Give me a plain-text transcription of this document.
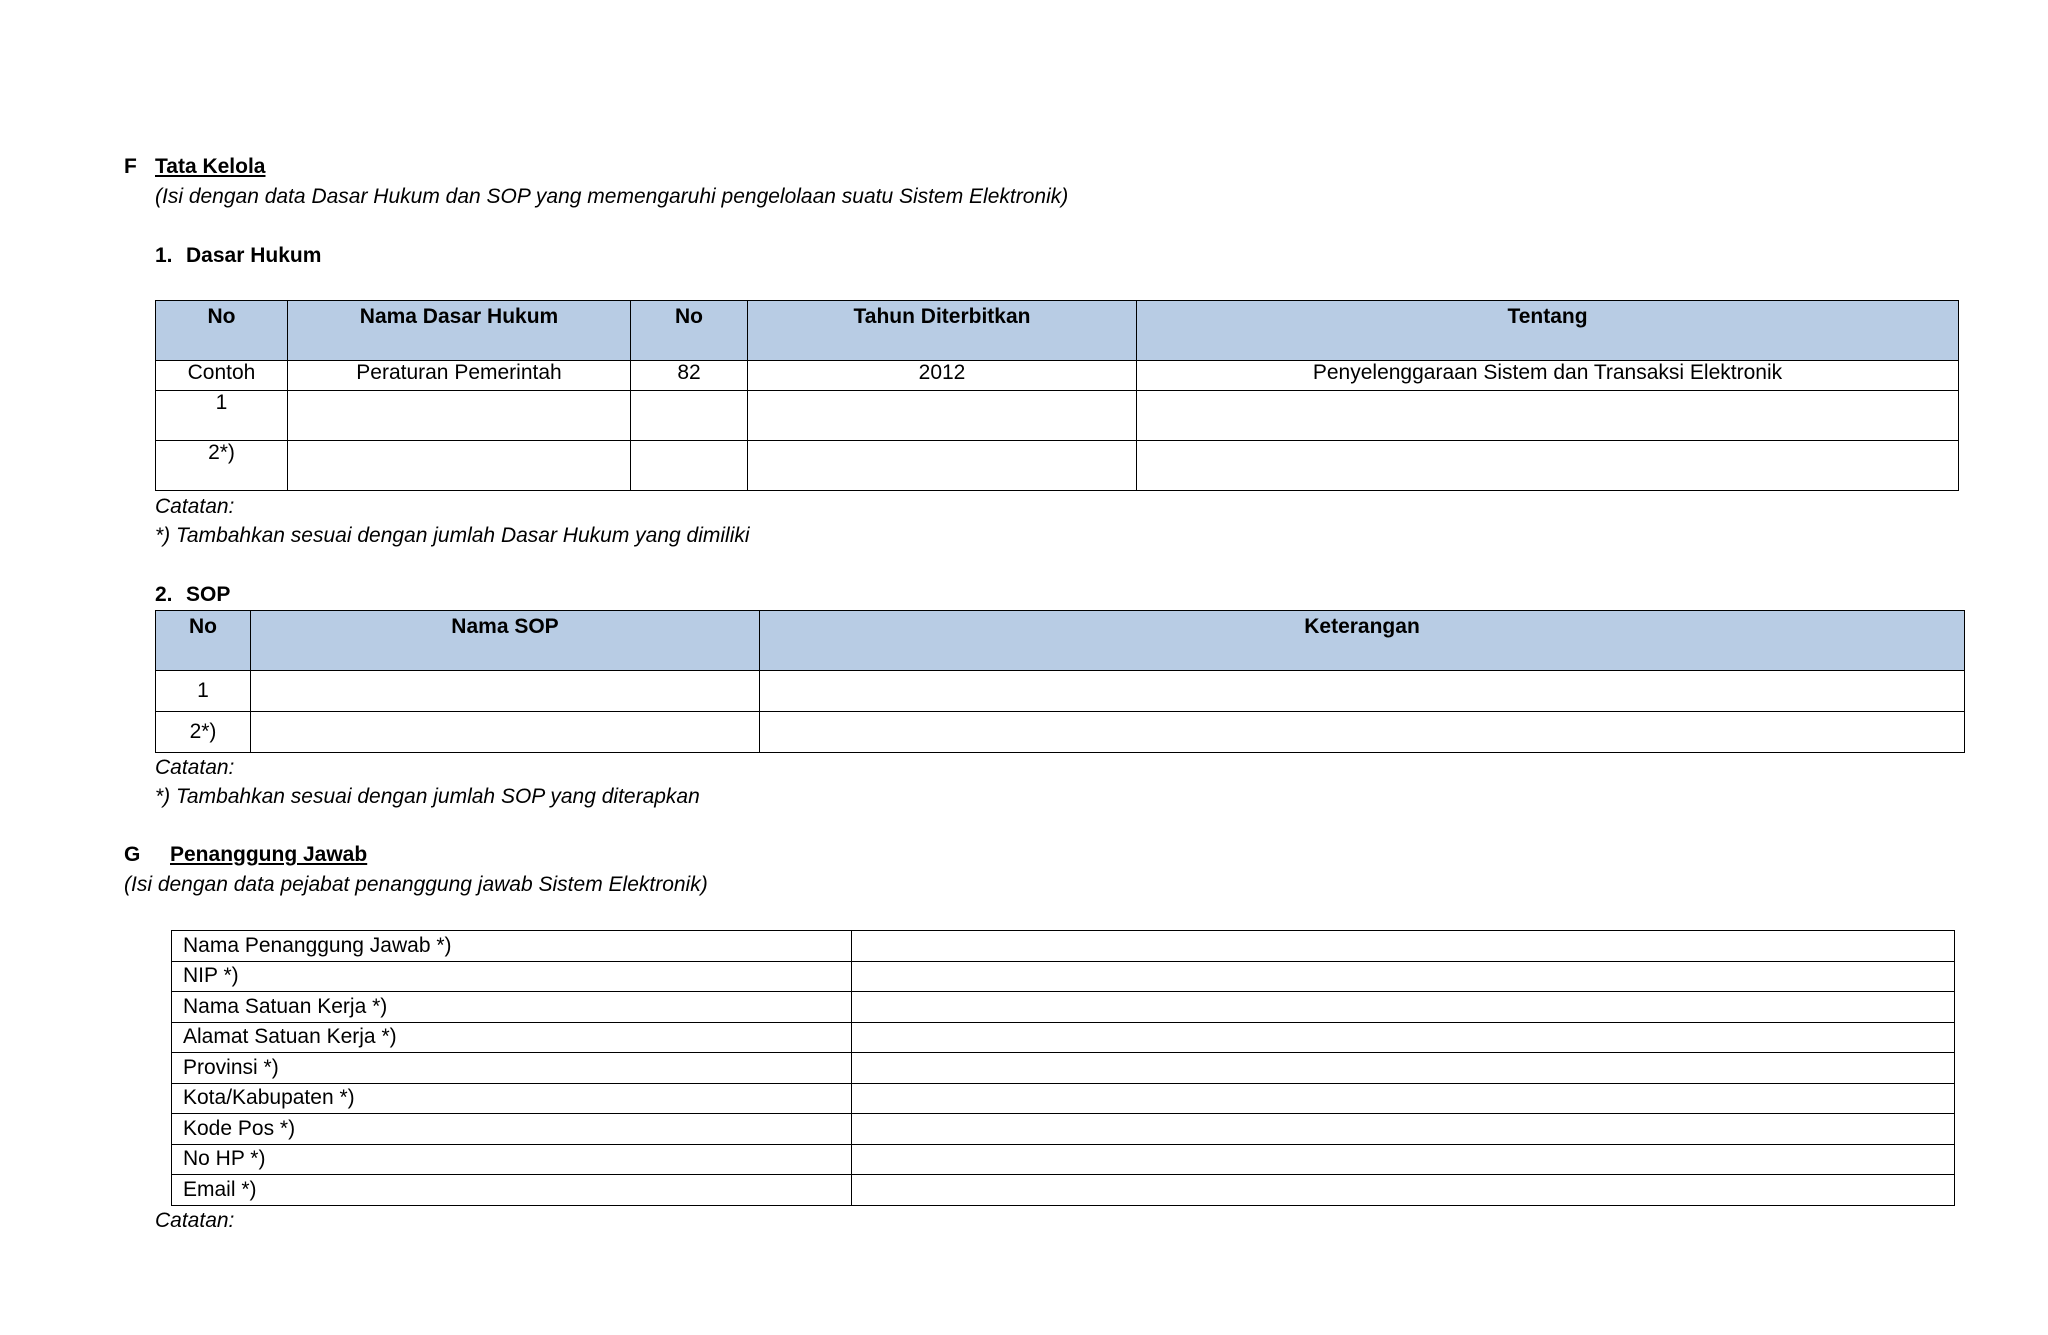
F Tata Kelola
(Isi dengan data Dasar Hukum dan SOP yang memengaruhi pengelolaan suatu Sistem Elektronik)
1. Dasar Hukum
No	Nama Dasar Hukum	No	Tahun Diterbitkan	Tentang
Contoh	Peraturan Pemerintah	82	2012	Penyelenggaraan Sistem dan Transaksi Elektronik
1				
2*)				
Catatan:
*) Tambahkan sesuai dengan jumlah Dasar Hukum yang dimiliki
2. SOP
No	Nama SOP	Keterangan
1		
2*)		
Catatan:
*) Tambahkan sesuai dengan jumlah SOP yang diterapkan
G Penanggung Jawab
(Isi dengan data pejabat penanggung jawab Sistem Elektronik)
Nama Penanggung Jawab *)	
NIP *)	
Nama Satuan Kerja *)	
Alamat Satuan Kerja *)	
Provinsi *)	
Kota/Kabupaten *)	
Kode Pos *)	
No HP *)	
Email *)	
Catatan:
